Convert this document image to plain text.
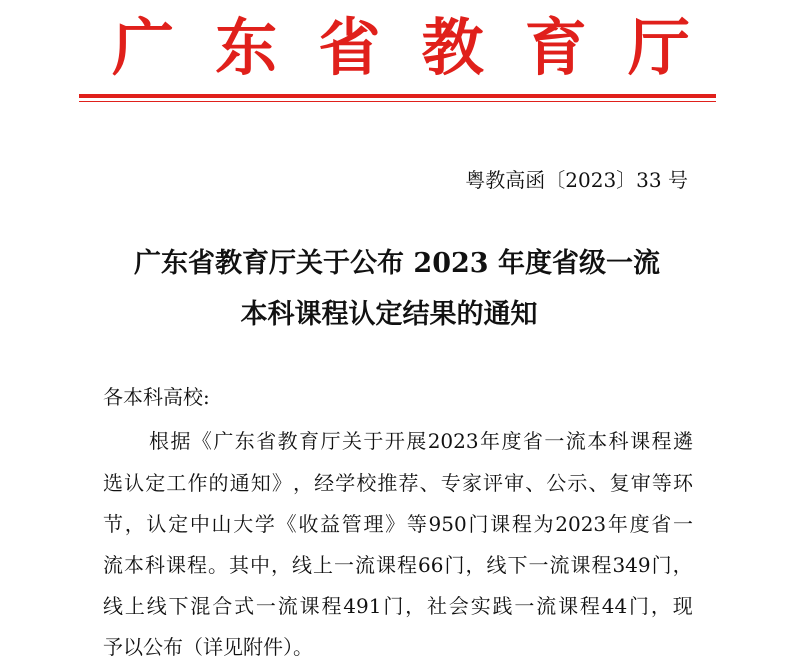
广 东 省 教 育 厅
粤教高函〔2023〕33 号
广东省教育厅关于公布 2023 年度省级一流
本科课程认定结果的通知
各本科高校:
根 据 《 广 东 省 教 育 厅 关 于 开 展 2023 年 度 省 一 流 本 科 课 程 遴
选 认 定 工 作 的 通 知 》 ， 经 学 校 推 荐 、 专 家 评 审 、 公 示 、 复 审 等 环
节 ， 认 定 中 山 大 学 《 收 益 管 理 》 等 950 门 课 程 为 2023 年 度 省 一
流 本 科 课 程 。 其 中 ， 线 上 一 流 课 程 66 门 ， 线 下 一 流 课 程 349 门 ，
线 上 线 下 混 合 式 一 流 课 程 491 门 ， 社 会 实 践 一 流 课 程 44 门 ， 现
予以公布（详见附件）。
